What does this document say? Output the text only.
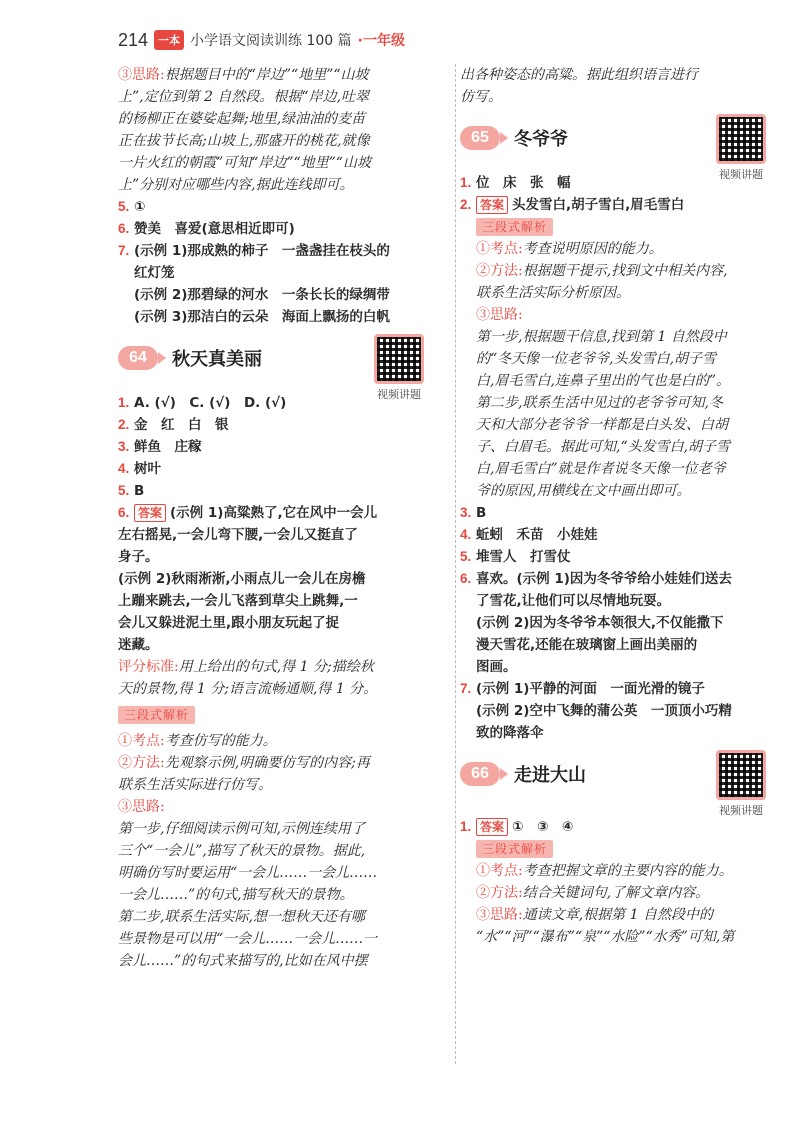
214 一本 小学语文阅读训练 100 篇 ·一年级
③思路:根据题目中的“岸边”“地里”“山坡
上”,定位到第 2 自然段。根据“岸边,吐翠
的杨柳正在婆娑起舞;地里,绿油油的麦苗
正在拔节长高;山坡上,那盛开的桃花,就像
一片火红的朝霞”可知“岸边”“地里”“山坡
上”分别对应哪些内容,据此连线即可。
5. ①
6. 赞美　喜爱(意思相近即可)
7. (示例 1)那成熟的柿子　一盏盏挂在枝头的
红灯笼
(示例 2)那碧绿的河水　一条长长的绿绸带
(示例 3)那洁白的云朵　海面上飘扬的白帆
64	秋天真美丽
视频讲题
1. A. (√)　C. (√)　D. (√)
2. 金　红　白　银
3. 鲜鱼　庄稼
4. 树叶
5. B
6. 答案 (示例 1)高粱熟了,它在风中一会儿
左右摇晃,一会儿弯下腰,一会儿又挺直了
身子。
(示例 2)秋雨淅淅,小雨点儿一会儿在房檐
上蹦来跳去,一会儿飞落到草尖上跳舞,一
会儿又躲进泥土里,跟小朋友玩起了捉
迷藏。
评分标准:用上给出的句式,得 1 分;描绘秋
天的景物,得 1 分;语言流畅通顺,得 1 分。
三段式解析
①考点:考查仿写的能力。
②方法:先观察示例,明确要仿写的内容;再
联系生活实际进行仿写。
③思路:
第一步,仔细阅读示例可知,示例连续用了
三个“一会儿”,描写了秋天的景物。据此,
明确仿写时要运用“一会儿……一会儿……
一会儿……”的句式,描写秋天的景物。
第二步,联系生活实际,想一想秋天还有哪
些景物是可以用“一会儿……一会儿……一
会儿……”的句式来描写的,比如在风中摆
出各种姿态的高粱。据此组织语言进行
仿写。
65	冬爷爷
视频讲题
1. 位　床　张　幅
2. 答案 头发雪白,胡子雪白,眉毛雪白
三段式解析
①考点:考查说明原因的能力。
②方法:根据题干提示,找到文中相关内容,
联系生活实际分析原因。
③思路:
第一步,根据题干信息,找到第 1 自然段中
的“冬天像一位老爷爷,头发雪白,胡子雪
白,眉毛雪白,连鼻子里出的气也是白的”。
第二步,联系生活中见过的老爷爷可知,冬
天和大部分老爷爷一样都是白头发、白胡
子、白眉毛。据此可知,“头发雪白,胡子雪
白,眉毛雪白”就是作者说冬天像一位老爷
爷的原因,用横线在文中画出即可。
3. B
4. 蚯蚓　禾苗　小娃娃
5. 堆雪人　打雪仗
6. 喜欢。(示例 1)因为冬爷爷给小娃娃们送去
了雪花,让他们可以尽情地玩耍。
(示例 2)因为冬爷爷本领很大,不仅能撒下
漫天雪花,还能在玻璃窗上画出美丽的
图画。
7. (示例 1)平静的河面　一面光滑的镜子
(示例 2)空中飞舞的蒲公英　一顶顶小巧精
致的降落伞
66	走进大山
视频讲题
1. 答案 ①　③　④
三段式解析
①考点:考查把握文章的主要内容的能力。
②方法:结合关键词句,了解文章内容。
③思路:通读文章,根据第 1 自然段中的
“水”“河”“瀑布”“泉”“水险”“水秀”可知,第
